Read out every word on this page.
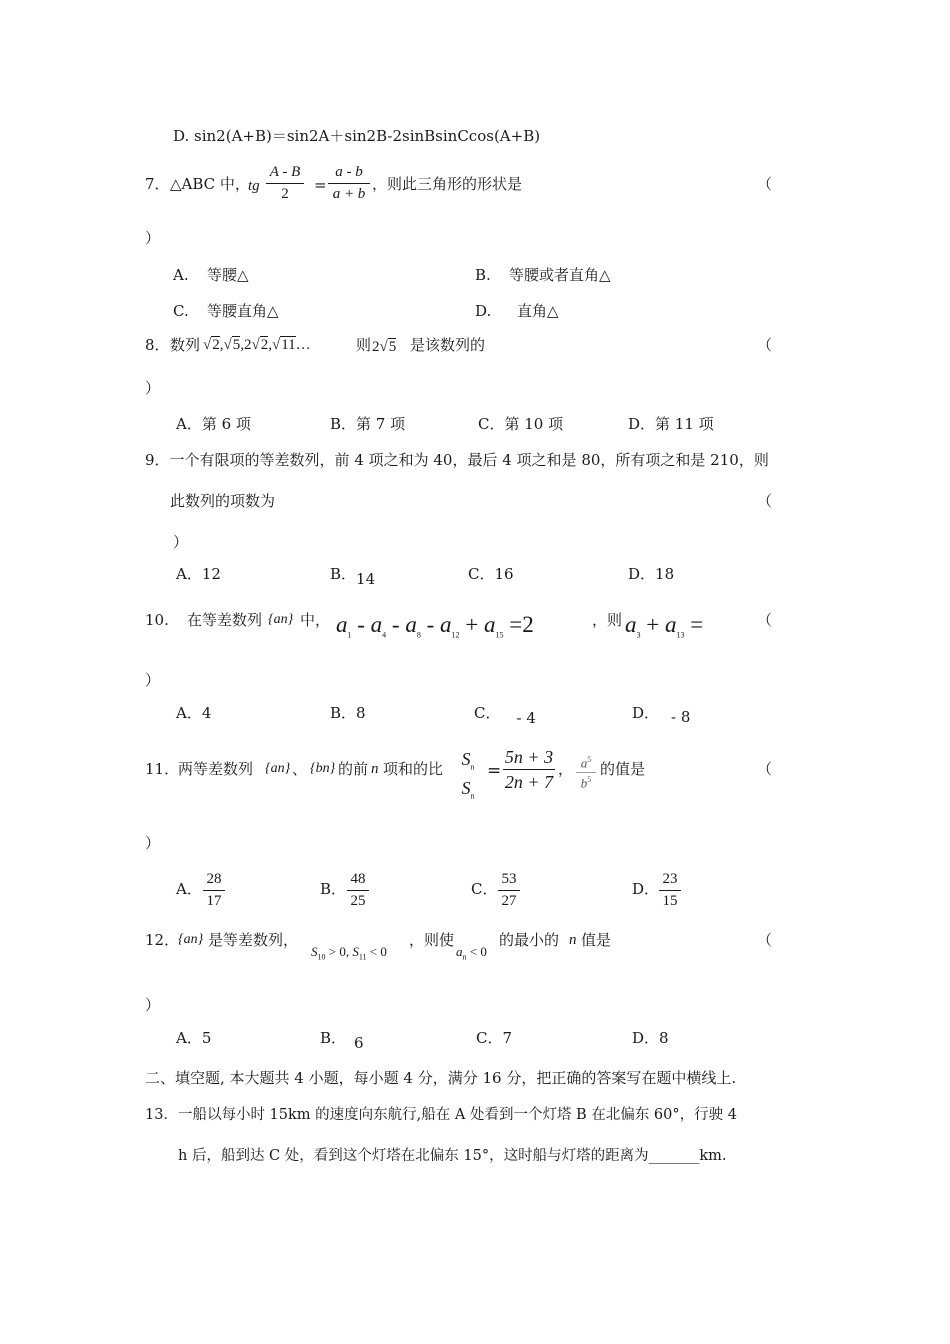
D. sin2(A+B)＝sin2A＋sin2B-2sinBsinCcos(A+B)
7． △ABC 中，
tg
A - B
2	=
a - b
a + b
，则此三角形的形状是	（
）
A. 等腰△	B. 等腰或者直角△
C. 等腰直角△	D. 直角△
8． 数列 √2,√5,2√2,√11…	则 2√5 是该数列的	（
）
A．第 6 项	B．第 7 项	C．第 10 项	D．第 11 项
9．一个有限项的等差数列，前 4 项之和为 40，最后 4 项之和是 80，所有项之和是 210，则
此数列的项数为	（
）
A．12	B．14	C．16	D．18
10. 在等差数列 {an} 中， $a_1 - a_4 - a_8 - a_{12} + a_{15} =2$	，则 $a_3 + a_{13}$ =	（
）
A．4	B．8	C． - 4	D． - 8
11．
两等差数列 {an} 、 {bn} 的前 n 项和的比	$S_n$
$S_n$
=
5n + 3
2n + 7
， $a^5$
$b^5$
的值是	（
）
A．
28
17
B．
48
25
C．
53
27
D．
23
15
12．
{an} 是等差数列，
$S_{10} > 0$, $S_{11} < 0$
，则使
$a_n < 0$
的最小的 n 值是	（
）
A．5	B． 6	C．7	D．8
二、填空题, 本大题共 4 小题，每小题 4 分，满分 16 分，把正确的答案写在题中横线上.
13．一船以每小时 15km 的速度向东航行,船在 A 处看到一个灯塔 B 在北偏东 60°，行驶 4
h 后，船到达 C 处，看到这个灯塔在北偏东 15°，这时船与灯塔的距离为_______km.
